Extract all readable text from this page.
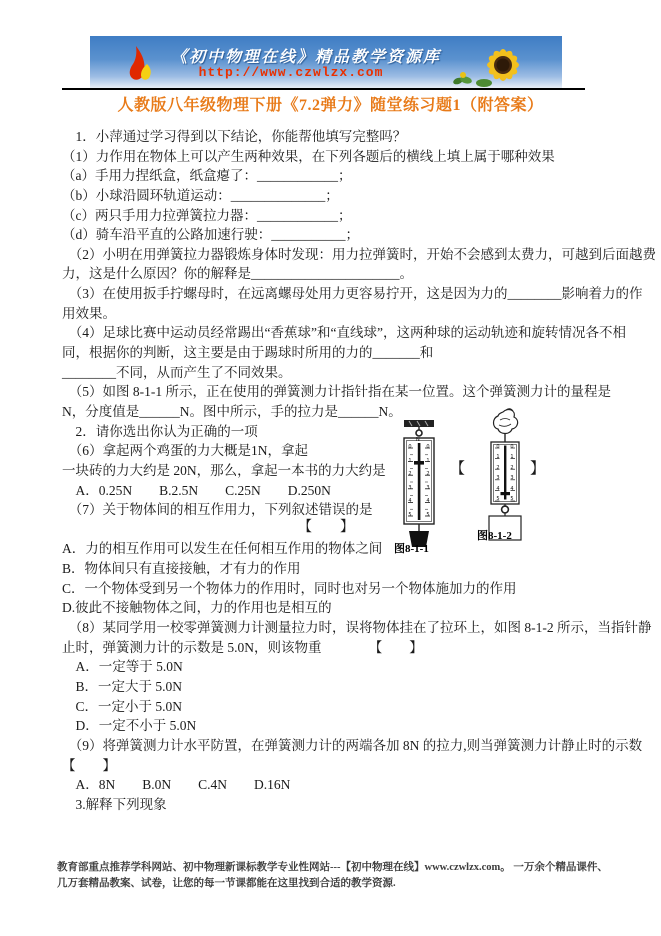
《初中物理在线》精品教学资源库
http://www.czwlzx.com
人教版八年级物理下册《7.2弹力》随堂练习题1（附答案）
　1．小萍通过学习得到以下结论，你能帮他填写完整吗？
（1）力作用在物体上可以产生两种效果，在下列各题后的横线上填上属于哪种效果
（a）手用力捏纸盒，纸盒瘪了：____________；
（b）小球沿圆环轨道运动：______________；
（c）两只手用力拉弹簧拉力器：____________；
（d）骑车沿平直的公路加速行驶：___________；
　（2）小明在用弹簧拉力器锻炼身体时发现：用力拉弹簧时，开始不会感到太费力，可越到后面越费
力，这是什么原因？你的解释是______________________。
　（3）在使用扳手拧螺母时，在远离螺母处用力更容易拧开，这是因为力的________影响着力的作
用效果。
　（4）足球比赛中运动员经常踢出“香蕉球”和“直线球”，这两种球的运动轨迹和旋转情况各不相
同，根据你的判断，这主要是由于踢球时所用的力的_______和
________不同，从而产生了不同效果。
　（5）如图 8-1-1 所示，正在使用的弹簧测力计指针指在某一位置。这个弹簧测力计的量程是
N，分度值是______N。图中所示，手的拉力是______N。
　2．请你选出你认为正确的一项
　（6）拿起两个鸡蛋的力大概是1N，拿起
一块砖的力大约是 20N，那么，拿起一本书的力大约是
　A．0.25N　　B.2.5N　　C.25N　　D.250N
　（7）关于物体间的相互作用力，下列叙述错误的是
A．力的相互作用可以发生在任何相互作用的物体之间
B．物体间只有直接接触，才有力的作用
C．一个物体受到另一个物体力的作用时，同时也对另一个物体施加力的作用
D.彼此不接触物体之间，力的作用也是相互的
　（8）某同学用一校零弹簧测力计测量拉力时，误将物体挂在了拉环上，如图 8-1-2 所示，当指针静
止时，弹簧测力计的示数是 5.0N，则该物重　　　　【　　】
　A．一定等于 5.0N
　B．一定大于 5.0N
　C．一定小于 5.0N
　D．一定不小于 5.0N
　（9）将弹簧测力计水平防置，在弹簧测力计的两端各加 8N 的拉力,则当弹簧测力计静止时的示数
【　　】
　A．8N　　B.0N　　C.4N　　D.16N
　3.解释下列现象
【	】
【　　】
N
0
1
2
3
4
5
0
1
2
3
4
5
图8-1-1
0
1
2
3
4
5
0
1
2
3
4
5
图8-1-2
教育部重点推荐学科网站、初中物理新课标教学专业性网站---【初中物理在线】www.czwlzx.com。 一万余个精品课件、
几万套精品教案、试卷，让您的每一节课都能在这里找到合适的教学资源.
